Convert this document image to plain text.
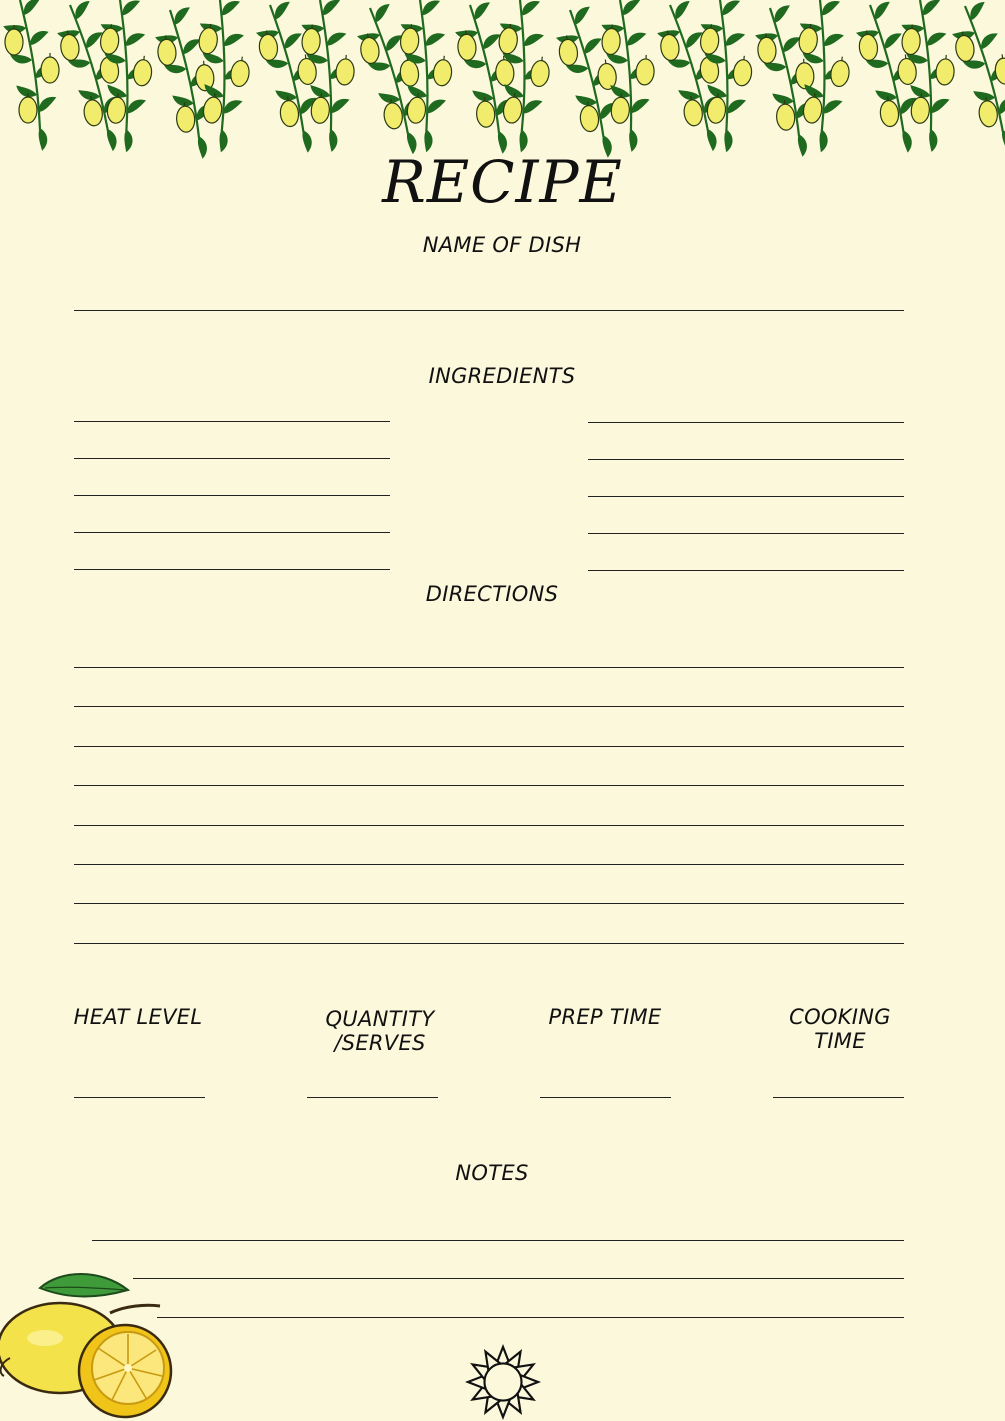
RECIPE
NAME OF DISH
INGREDIENTS
DIRECTIONS
HEAT LEVEL	QUANTITY
/SERVES
PREP TIME	COOKING
TIME
NOTES
